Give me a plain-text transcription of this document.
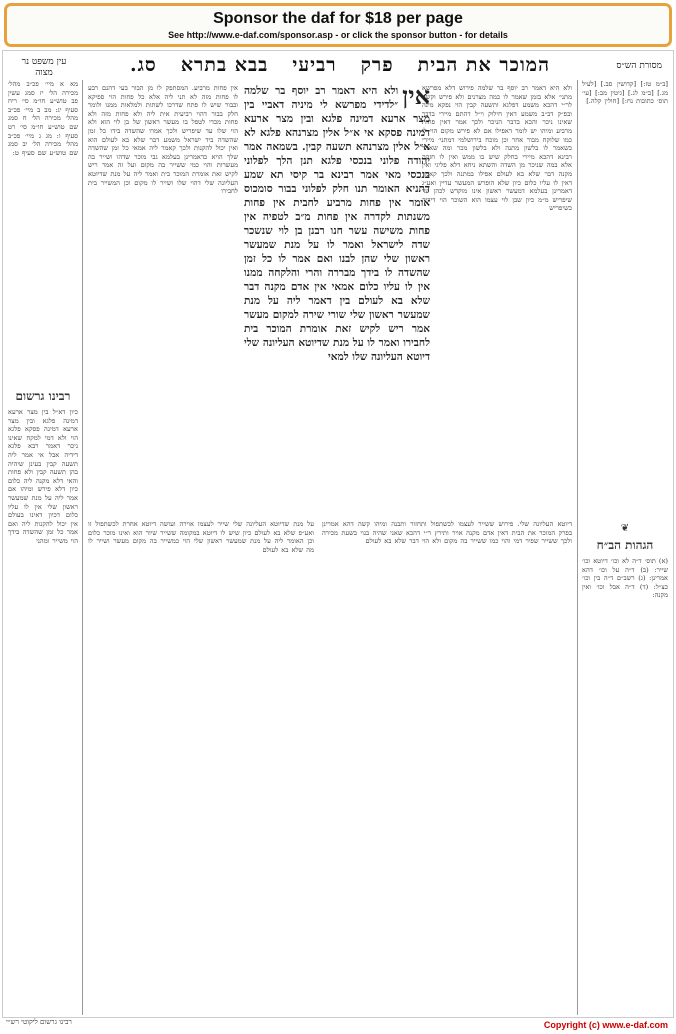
Sponsor the daf for $18 per page
See http://www.e-daf.com/sponsor.asp - or click the sponsor button - for details
המוכר את הבית
פרק
רביעי
בבא בתרא
סג.	מסורת הש״ס
עין משפט נר מצוה
[ב״מ טז:] [קדושין סב.] [לעיל מג.] [ב״מ לג.] [גיטין מב:] [עי׳ תוס׳ כתובות נח:] [חולין קלה.]
❦
הגהות הב״ח
(א) תוס׳ ד״ה לא וכו׳ דיוטא וכו׳ שייר: (ב) ד״ה על וכו׳ דהא אמרינן: (ג) רשב״ם ד״ה בין וכו׳ כצ״ל: (ד) ד״ה אבל וכו׳ ואין מקנה:
מא א מיי׳ פכ״ב מהל׳ מכירה הל׳ יז סמג עשין פב טוש״ע חו״מ סי׳ ריח סעיף יג: מב ב מיי׳ פכ״ב מהל׳ מכירה הל׳ ח סמג שם טוש״ע חו״מ סי׳ רט סעיף ו: מג ג מיי׳ פכ״ב מהל׳ מכירה הל׳ יב סמג שם טוש״ע שם סעיף ט:
רבינו גרשום
כיון דא״ל בין מצר ארעא דמינה פלגא ובין מצר ארעא דמינה פסקא פלגא הוי ולא דמי למקח שאינו ניכר דאמר רבא פלגא דידיה אבל אי אמר ליה תשעה קבין בעינן שיהיה בהן תשעה קבין ולא פחות והאי דלא מקנה ליה כלום כיון דלא פירש ומיהו אם אמר ליה על מנת שמעשר ראשון שלי אין לו עליו כלום דכיון דאינו בעולם אין יכול להקנות ליה ואם אמר כל זמן שהשדה בידך הוי משייר ומהני
ולא היא דאמר רב יוסף בר שלמה פירוש דלא מפרשא מתני׳ אלא בזמן שאמר לו כמה מצרנים ולא פירש וקשה לר״י דהכא משמע דפלגא ותשעה קבין הוי נפקא מינה ובפ״ק דב״ב משמע דאין חילוק וי״ל דהתם מיירי בדבר שאינו ניכר והכא בדבר הניכר ולכך אמר דאין פחות מרביע ומיהו יש לומר דאפילו אם לא פירש מקום הוי לו כמו שלוקח מבור אחר וכן מוכח בירושלמי דמתני׳ מיירי כשאמר לו בלשון מתנה ולא בלשון מכר ומה שאמר רבינא דהכא מיירי בחלק שיש בו ממש ואין לו חזקה אלא במה שניכר מן השדה והשתא ניחא דלא פליגי ואין מקנה דבר שלא בא לעולם אפילו במתנה ולכך קאמר דאין לו עליו כלום כיון שלא הופרש המעשר עדיין ואע״ג דאמרינן בעלמא דמעשר ראשון אינו מוקדש לכהן עד שיפריש מ״מ כיון שבן לוי עצמו הוא השוכר הוי דידיה כשיפריש
אין פחות מרביע. המסתפק לו מן הבור בעי דהנם רבע לו פחות מזה לא תני ליה אלא כל פחות הוי ספיקא ובבור שיש לו פתח שדרכו לשתות ולמלאות ממנו ולומר חלק בבור דהוי רביעית אית ליה ולא פחות מזה ולא פחות מכדי לטפל בו מעשר ראשון של בן לוי הוא ולא הוי שלו עד שיפריש ולכך אמרו שהשדה בידו כל זמן שהשדה ביד ישראל משמע דבר שלא בא לעולם הוא ואין יכול להקנות ולכך קאמר ליה אמאי כל זמן שהשדה שלך הויא כדאמרינן בעלמא גבי מוכר שדהו ושייר בה מעשרות והוי כמי ששייר בה מקום ועל זה אמר ריש לקיש זאת אומרת המוכר בית ואמר ליה על מנת שדיוטא העליונה שלי דהוי שלו ושייר לו מקום וכן המשייר בית לחבירו
אין
ולא היא דאמר רב יוסף בר שלמה ״לדידי מפרשא לי מיניה דאביי בין מצר ארעא דמינה פלגא ובין מצר ארעא דמינה פסקא אי א״ל אלין מצרנהא פלגא לא א״ל אלין מצרנהא תשעה קבין. בשמאה אמר יהודה פלוני בנכסי פלגא תנן הלך לפלוני בנכסי מאי אמר רבינא בר קיסי תא שמע דתניא האומר תנו חלק לפלוני בבור סומכוס אומר אין פחות מרביע לחבית אין פחות משנתות לקדרה אין פחות מ״ב לטפיה אין פחות משישה עשר חנו רבנן בן לוי שנשכר שדה לישראל ואמר לו על מנת שמעשר ראשון שלי שהן לבנו ואם אמר לו כל זמן שהשדה לו בידך מבררה והרי והלקחה ממנו אין לו עליו כלום אמאי אין אדם מקנה דבר שלא בא לעולם בין דאמר ליה על מנת שמעשר ראשון שלי שורי שירה למקום מעשר אמר ריש לקיש זאת אומרת המוכר בית לחבירו ואמר לו על מנת שדיוטא העליונה שלי דיוטא העליונה שלו למאי
על מנת שדיוטא העליונה שלי שייר לעצמו אוירה ועושה דיוטא אחרת לכשתפול זו ואע״פ שלא בא לעולם כיון שיש לו דיוטא במקומה ששייר שיור הוא ואינו מוכר כלום וכן האומר ליה על מנת שמעשר ראשון שלי הוי כמשייר בה מקום מעשר ושייר לו מה שלא בא לעולם
דיוטא העליונה שלי. פירוש ששייר לעצמו לכשתפול ותחזור ותבנה ומיהו קשה דהא אמרינן בפרק המוכר את הבית דאין אדם מקנה אויר ותירץ ר״י דהכא שאני שהיה בנוי בשעת מכירה ולכך ששייר שפיר דמי והוי כמו ששייר בה מקום ולא הוי דבר שלא בא לעולם
רבינו גרשום ליקוטי רש״י	Copyright (c) www.e-daf.com
